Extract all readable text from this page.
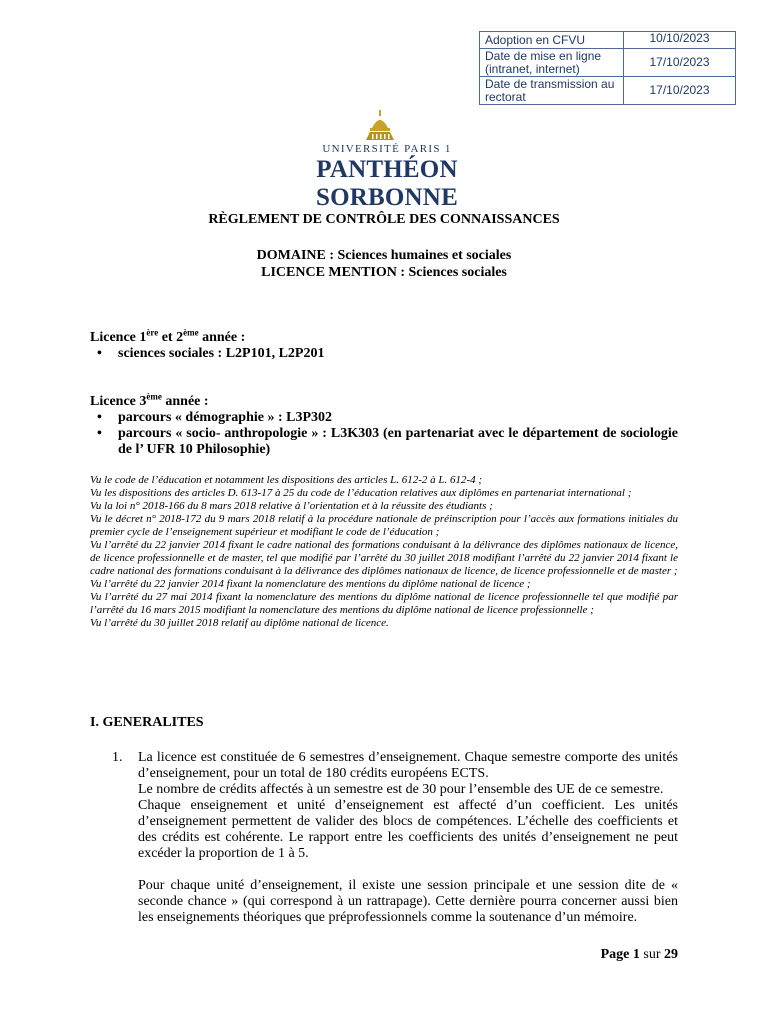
Adoption en CFVU	10/10/2023
Date de mise en ligne (intranet, internet)	17/10/2023
Date de transmission au rectorat	17/10/2023
UNIVERSITÉ PARIS 1
PANTHÉON SORBONNE
RÈGLEMENT DE CONTRÔLE DES CONNAISSANCES
DOMAINE : Sciences humaines et sociales
LICENCE MENTION : Sciences sociales
Licence 1ère et 2ème année :
• sciences sociales : L2P101, L2P201
Licence 3ème année :
• parcours « démographie » : L3P302
• parcours « socio- anthropologie » : L3K303 (en partenariat avec le département de sociologie de l’ UFR 10 Philosophie)

Vu le code de l’éducation et notamment les dispositions des articles L. 612-2 à L. 612-4 ;

Vu les dispositions des articles D. 613-17 à 25 du code de l’éducation relatives aux diplômes en partenariat international ;

Vu la loi n° 2018-166 du 8 mars 2018 relative à l’orientation et à la réussite des étudiants ;

Vu le décret n° 2018-172 du 9 mars 2018 relatif à la procédure nationale de préinscription pour l’accès aux formations initiales du premier cycle de l’enseignement supérieur et modifiant le code de l’éducation ;

Vu l’arrêté du 22 janvier 2014 fixant le cadre national des formations conduisant à la délivrance des diplômes nationaux de licence, de licence professionnelle et de master, tel que modifié par l’arrêté du 30 juillet 2018 modifiant l’arrêté du 22 janvier 2014 fixant le cadre national des formations conduisant à la délivrance des diplômes nationaux de licence, de licence professionnelle et de master ;

Vu l’arrêté du 22 janvier 2014 fixant la nomenclature des mentions du diplôme national de licence ;

Vu l’arrêté du 27 mai 2014 fixant la nomenclature des mentions du diplôme national de licence professionnelle tel que modifié par l’arrêté du 16 mars 2015 modifiant la nomenclature des mentions du diplôme national de licence professionnelle ;

Vu l’arrêté du 30 juillet 2018 relatif au diplôme national de licence.

I. GENERALITES
1. La licence est constituée de 6 semestres d’enseignement. Chaque semestre comporte des unités d’enseignement, pour un total de 180 crédits européens ECTS.

Le nombre de crédits affectés à un semestre est de 30 pour l’ensemble des UE de ce semestre.

Chaque enseignement et unité d’enseignement est affecté d’un coefficient. Les unités d’enseignement permettent de valider des blocs de compétences. L’échelle des coefficients et des crédits est cohérente. Le rapport entre les coefficients des unités d’enseignement ne peut excéder la proportion de 1 à 5.

Pour chaque unité d’enseignement, il existe une session principale et une session dite de « seconde chance » (qui correspond à un rattrapage). Cette dernière pourra concerner aussi bien les enseignements théoriques que préprofessionnels comme la soutenance d’un mémoire.

Page 1 sur 29
